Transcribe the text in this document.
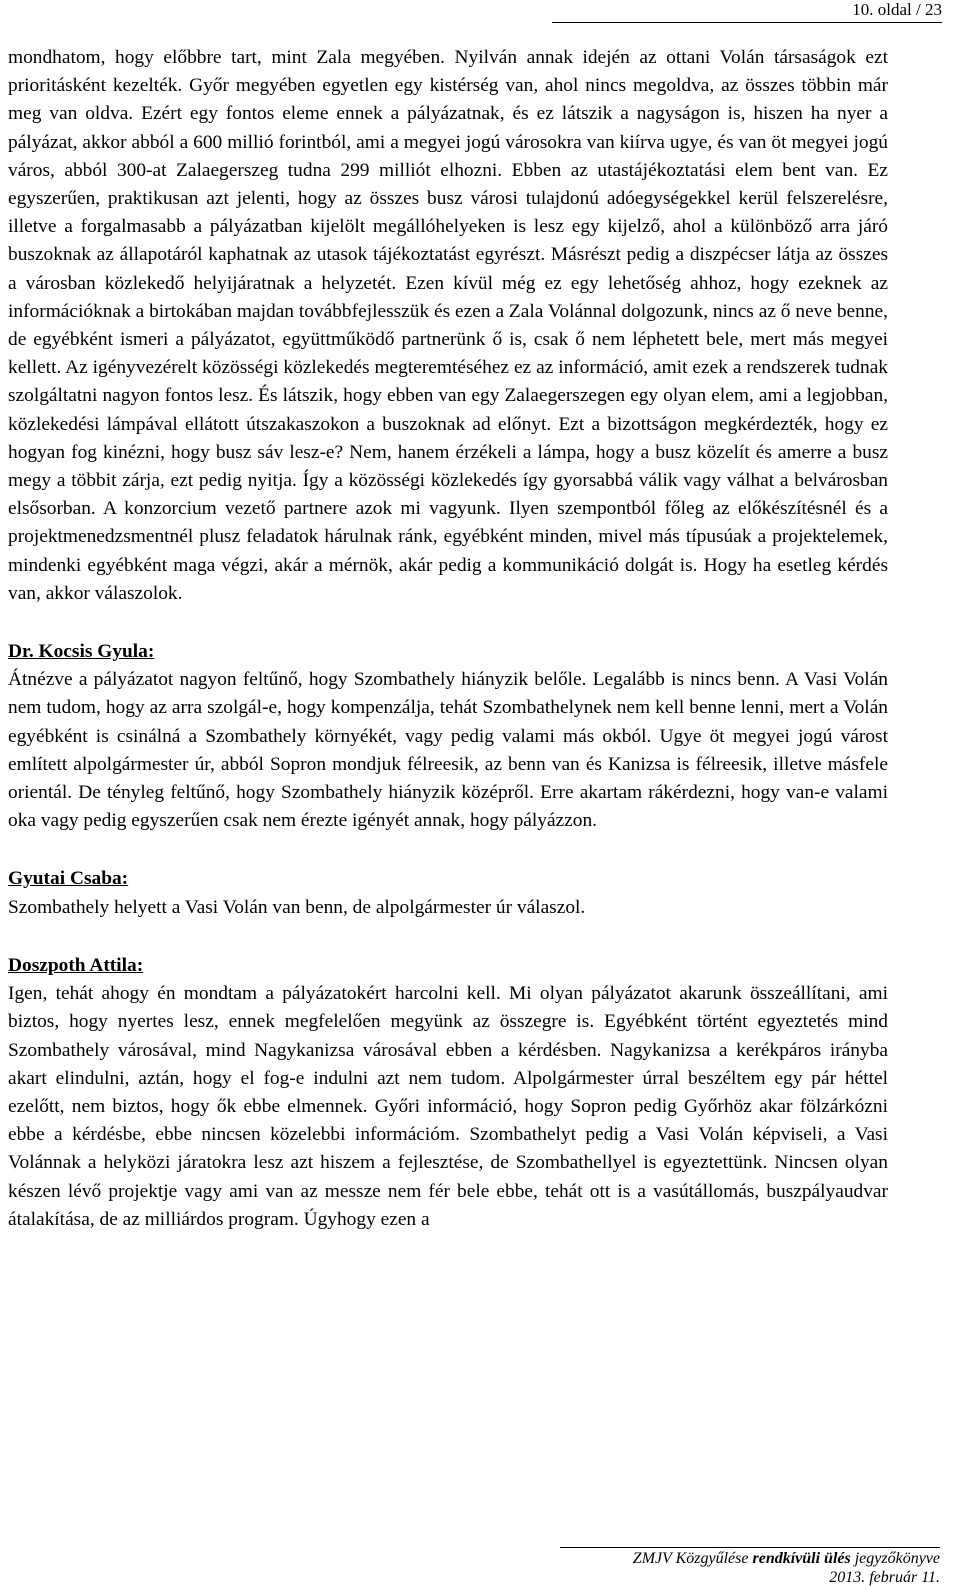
10. oldal / 23

mondhatom, hogy előbbre tart, mint Zala megyében. Nyilván annak idején az ottani Volán társaságok ezt prioritásként kezelték. Győr megyében egyetlen egy kistérség van, ahol nincs megoldva, az összes többin már meg van oldva. Ezért egy fontos eleme ennek a pályázatnak, és ez látszik a nagyságon is, hiszen ha nyer a pályázat, akkor abból a 600 millió forintból, ami a megyei jogú városokra van kiírva ugye, és van öt megyei jogú város, abból 300-at Zalaegerszeg tudna 299 milliót elhozni. Ebben az utastájékoztatási elem bent van. Ez egyszerűen, praktikusan azt jelenti, hogy az összes busz városi tulajdonú adóegységekkel kerül felszerelésre, illetve a forgalmasabb a pályázatban kijelölt megállóhelyeken is lesz egy kijelző, ahol a különböző arra járó buszoknak az állapotáról kaphatnak az utasok tájékoztatást egyrészt. Másrészt pedig a diszpécser látja az összes a városban közlekedő helyijáratnak a helyzetét. Ezen kívül még ez egy lehetőség ahhoz, hogy ezeknek az információknak a birtokában majdan továbbfejlesszük és ezen a Zala Volánnal dolgozunk, nincs az ő neve benne, de egyébként ismeri a pályázatot, együttműködő partnerünk ő is, csak ő nem léphetett bele, mert más megyei kellett. Az igényvezérelt közösségi közlekedés megteremtéséhez ez az információ, amit ezek a rendszerek tudnak szolgáltatni nagyon fontos lesz. És látszik, hogy ebben van egy Zalaegerszegen egy olyan elem, ami a legjobban, közlekedési lámpával ellátott útszakaszokon a buszoknak ad előnyt. Ezt a bizottságon megkérdezték, hogy ez hogyan fog kinézni, hogy busz sáv lesz-e? Nem, hanem érzékeli a lámpa, hogy a busz közelít és amerre a busz megy a többit zárja, ezt pedig nyitja. Így a közösségi közlekedés így gyorsabbá válik vagy válhat a belvárosban elsősorban. A konzorcium vezető partnere azok mi vagyunk. Ilyen szempontból főleg az előkészítésnél és a projektmenedzsmentnél plusz feladatok hárulnak ránk, egyébként minden, mivel más típusúak a projektelemek, mindenki egyébként maga végzi, akár a mérnök, akár pedig a kommunikáció dolgát is. Hogy ha esetleg kérdés van, akkor válaszolok.

Dr. Kocsis Gyula:

Átnézve a pályázatot nagyon feltűnő, hogy Szombathely hiányzik belőle. Legalább is nincs benn. A Vasi Volán nem tudom, hogy az arra szolgál-e, hogy kompenzálja, tehát Szombathelynek nem kell benne lenni, mert a Volán egyébként is csinálná a Szombathely környékét, vagy pedig valami más okból. Ugye öt megyei jogú várost említett alpolgármester úr, abból Sopron mondjuk félreesik, az benn van és Kanizsa is félreesik, illetve másfele orientál. De tényleg feltűnő, hogy Szombathely hiányzik középről. Erre akartam rákérdezni, hogy van-e valami oka vagy pedig egyszerűen csak nem érezte igényét annak, hogy pályázzon.

Gyutai Csaba:

Szombathely helyett a Vasi Volán van benn, de alpolgármester úr válaszol.

Doszpoth Attila:

Igen, tehát ahogy én mondtam a pályázatokért harcolni kell. Mi olyan pályázatot akarunk összeállítani, ami biztos, hogy nyertes lesz, ennek megfelelően megyünk az összegre is. Egyébként történt egyeztetés mind Szombathely városával, mind Nagykanizsa városával ebben a kérdésben. Nagykanizsa a kerékpáros irányba akart elindulni, aztán, hogy el fog-e indulni azt nem tudom. Alpolgármester úrral beszéltem egy pár héttel ezelőtt, nem biztos, hogy ők ebbe elmennek. Győri információ, hogy Sopron pedig Győrhöz akar fölzárkózni ebbe a kérdésbe, ebbe nincsen közelebbi információm. Szombathelyt pedig a Vasi Volán képviseli, a Vasi Volánnak a helyközi járatokra lesz azt hiszem a fejlesztése, de Szombathellyel is egyeztettünk. Nincsen olyan készen lévő projektje vagy ami van az messze nem fér bele ebbe, tehát ott is a vasútállomás, buszpályaudvar átalakítása, de az milliárdos program. Úgyhogy ezen a

ZMJV Közgyűlése rendkívüli ülés jegyzőkönyve
2013. február 11.
